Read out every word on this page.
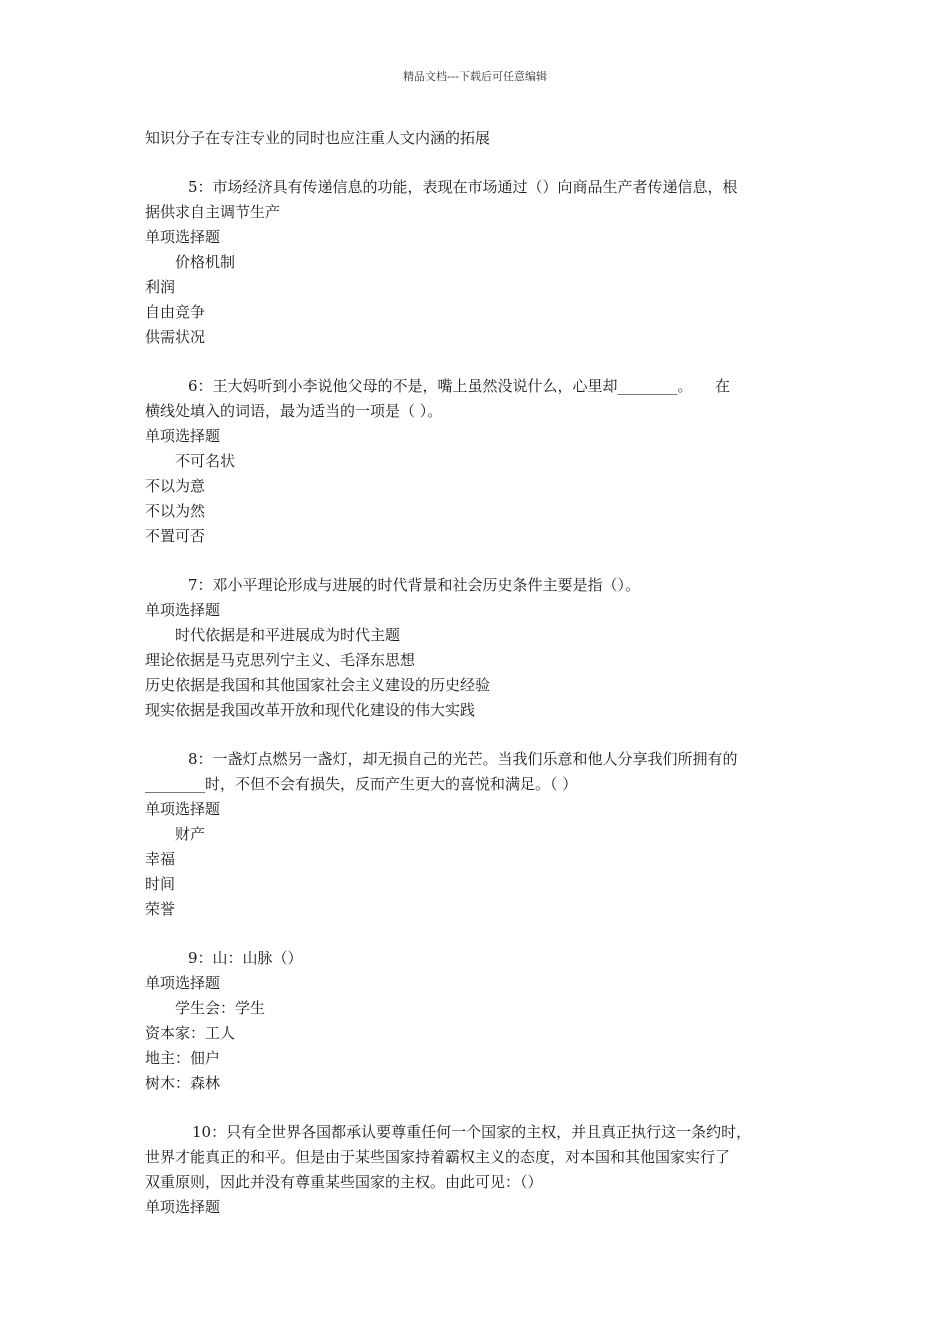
精品文档---下载后可任意编辑
知识分子在专注专业的同时也应注重人文内涵的拓展
5：市场经济具有传递信息的功能，表现在市场通过（）向商品生产者传递信息，根
据供求自主调节生产
单项选择题
价格机制
利润
自由竞争
供需状况
6：王大妈听到小李说他父母的不是，嘴上虽然没说什么，心里却________。　　在
横线处填入的词语，最为适当的一项是（ ）。
单项选择题
不可名状
不以为意
不以为然
不置可否
7：邓小平理论形成与进展的时代背景和社会历史条件主要是指（）。
单项选择题
时代依据是和平进展成为时代主题
理论依据是马克思列宁主义、毛泽东思想
历史依据是我国和其他国家社会主义建设的历史经验
现实依据是我国改革开放和现代化建设的伟大实践
8：一盏灯点燃另一盏灯，却无损自己的光芒。当我们乐意和他人分享我们所拥有的
________时，不但不会有损失，反而产生更大的喜悦和满足。（ ）
单项选择题
财产
幸福
时间
荣誉
9：山：山脉（）
单项选择题
学生会：学生
资本家：工人
地主：佃户
树木：森林
10：只有全世界各国都承认要尊重任何一个国家的主权，并且真正执行这一条约时，
世界才能真正的和平。但是由于某些国家持着霸权主义的态度，对本国和其他国家实行了
双重原则，因此并没有尊重某些国家的主权。由此可见：（）
单项选择题
